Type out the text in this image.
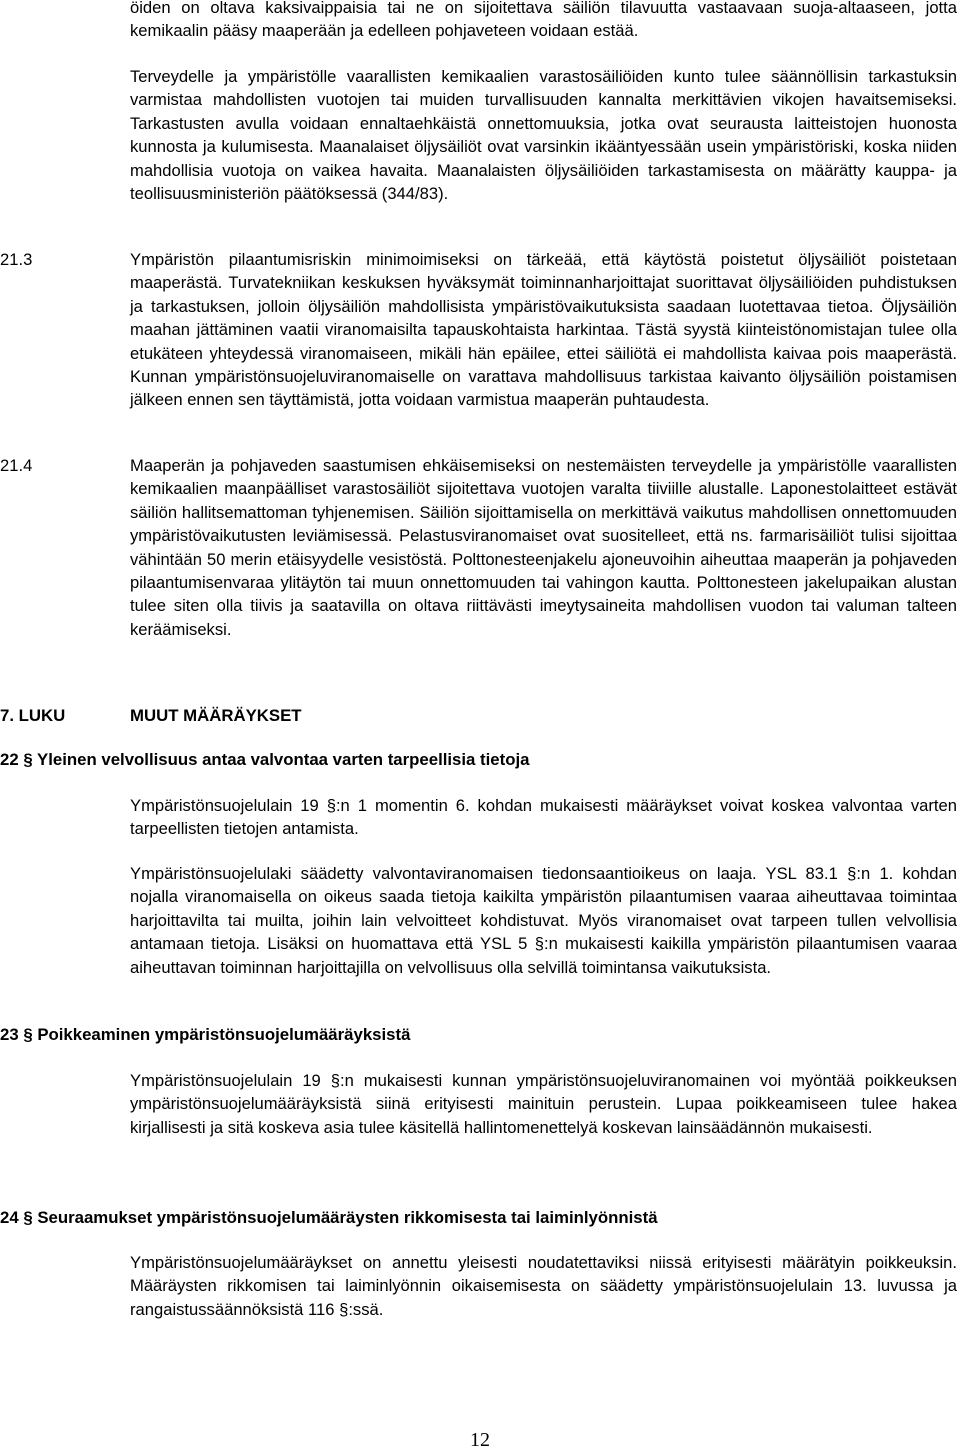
öiden on oltava kaksivaippaisia tai ne on sijoitettava säiliön tilavuutta vastaavaan suoja-altaaseen, jotta kemikaalin pääsy maaperään ja edelleen pohjaveteen voidaan estää.
Terveydelle ja ympäristölle vaarallisten kemikaalien varastosäiliöiden kunto tulee säännöllisin tarkastuksin varmistaa mahdollisten vuotojen tai muiden turvallisuuden kannalta merkittävien vikojen havaitsemiseksi. Tarkastusten avulla voidaan ennaltaehkäistä onnettomuuksia, jotka ovat seurausta laitteistojen huonosta kunnosta ja kulumisesta. Maanalaiset öljysäiliöt ovat varsinkin ikääntyessään usein ympäristöriski, koska niiden mahdollisia vuotoja on vaikea havaita. Maanalaisten öljysäiliöiden tarkastamisesta on määrätty kauppa- ja teollisuusministeriön päätöksessä (344/83).
21.3	Ympäristön pilaantumisriskin minimoimiseksi on tärkeää, että käytöstä poistetut öljysäiliöt poistetaan maaperästä. Turvatekniikan keskuksen hyväksymät toiminnanharjoittajat suorittavat öljysäiliöiden puhdistuksen ja tarkastuksen, jolloin öljysäiliön mahdollisista ympäristövaikutuksista saadaan luotettavaa tietoa. Öljysäiliön maahan jättäminen vaatii viranomaisilta tapauskohtaista harkintaa. Tästä syystä kiinteistönomistajan tulee olla etukäteen yhteydessä viranomaiseen, mikäli hän epäilee, ettei säiliötä ei mahdollista kaivaa pois maaperästä. Kunnan ympäristönsuojeluviranomaiselle on varattava mahdollisuus tarkistaa kaivanto öljysäiliön poistamisen jälkeen ennen sen täyttämistä, jotta voidaan varmistua maaperän puhtaudesta.
21.4	Maaperän ja pohjaveden saastumisen ehkäisemiseksi on nestemäisten terveydelle ja ympäristölle vaarallisten kemikaalien maanpäälliset varastosäiliöt sijoitettava vuotojen varalta tiiviille alustalle. Laponestolaitteet estävät säiliön hallitsemattoman tyhjenemisen. Säiliön sijoittamisella on merkittävä vaikutus mahdollisen onnettomuuden ympäristövaikutusten leviämisessä. Pelastusviranomaiset ovat suositelleet, että ns. farmarisäiliöt tulisi sijoittaa vähintään 50 merin etäisyydelle vesistöstä. Polttonesteenjakelu ajoneuvoihin aiheuttaa maaperän ja pohjaveden pilaantumisenvaraa ylitäytön tai muun onnettomuuden tai vahingon kautta. Polttonesteen jakelupaikan alustan tulee siten olla tiivis ja saatavilla on oltava riittävästi imeytysaineita mahdollisen vuodon tai valuman talteen keräämiseksi.
7. LUKU	MUUT MÄÄRÄYKSET
22 § Yleinen velvollisuus antaa valvontaa varten tarpeellisia tietoja
Ympäristönsuojelulain 19 §:n 1 momentin 6. kohdan mukaisesti määräykset voivat koskea valvontaa varten tarpeellisten tietojen antamista.
Ympäristönsuojelulaki säädetty valvontaviranomaisen tiedonsaantioikeus on laaja. YSL 83.1 §:n 1. kohdan nojalla viranomaisella on oikeus saada tietoja kaikilta ympäristön pilaantumisen vaaraa aiheuttavaa toimintaa harjoittavilta tai muilta, joihin lain velvoitteet kohdistuvat. Myös viranomaiset ovat tarpeen tullen velvollisia antamaan tietoja. Lisäksi on huomattava että YSL 5 §:n mukaisesti kaikilla ympäristön pilaantumisen vaaraa aiheuttavan toiminnan harjoittajilla on velvollisuus olla selvillä toimintansa vaikutuksista.
23 § Poikkeaminen ympäristönsuojelumääräyksistä
Ympäristönsuojelulain 19 §:n mukaisesti kunnan ympäristönsuojeluviranomainen voi myöntää poikkeuksen ympäristönsuojelumääräyksistä siinä erityisesti mainituin perustein. Lupaa poikkeamiseen tulee hakea kirjallisesti ja sitä koskeva asia tulee käsitellä hallintomenettelyä koskevan lainsäädännön mukaisesti.
24 § Seuraamukset ympäristönsuojelumääräysten rikkomisesta tai laiminlyönnistä
Ympäristönsuojelumääräykset on annettu yleisesti noudatettaviksi niissä erityisesti määrätyin poikkeuksin. Määräysten rikkomisen tai laiminlyönnin oikaisemisesta on säädetty ympäristönsuojelulain 13. luvussa ja rangaistussäännöksistä 116 §:ssä.
12
